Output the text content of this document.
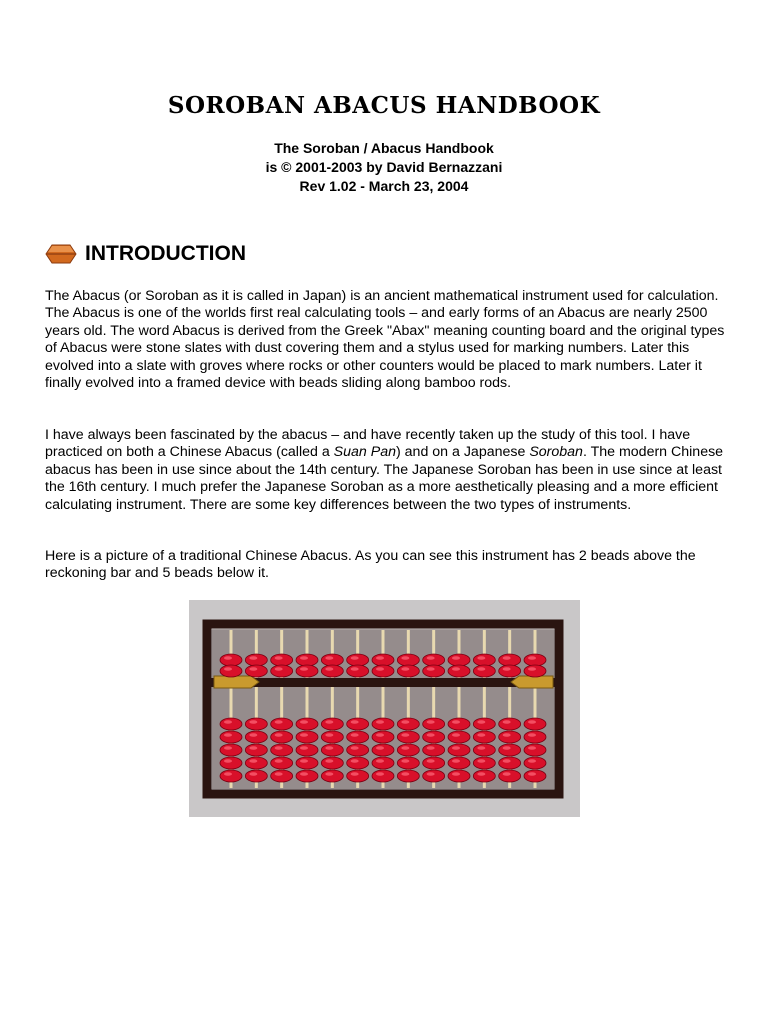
SOROBAN ABACUS HANDBOOK
The Soroban / Abacus Handbook
is © 2001-2003 by David Bernazzani
Rev 1.02 - March 23, 2004
INTRODUCTION

The Abacus (or Soroban as it is called in Japan) is an ancient mathematical instrument used for calculation. The Abacus is one of the worlds first real calculating tools – and early forms of an Abacus are nearly 2500 years old. The word Abacus is derived from the Greek "Abax" meaning counting board and the original types of Abacus were stone slates with dust covering them and a stylus used for marking numbers. Later this evolved into a slate with groves where rocks or other counters would be placed to mark numbers. Later it finally evolved into a framed device with beads sliding along bamboo rods.

I have always been fascinated by the abacus – and have recently taken up the study of this tool. I have practiced on both a Chinese Abacus (called a Suan Pan) and on a Japanese Soroban. The modern Chinese abacus has been in use since about the 14th century. The Japanese Soroban has been in use since at least the 16th century. I much prefer the Japanese Soroban as a more aesthetically pleasing and a more efficient calculating instrument. There are some key differences between the two types of instruments.

Here is a picture of a traditional Chinese Abacus. As you can see this instrument has 2 beads above the reckoning bar and 5 beads below it.
